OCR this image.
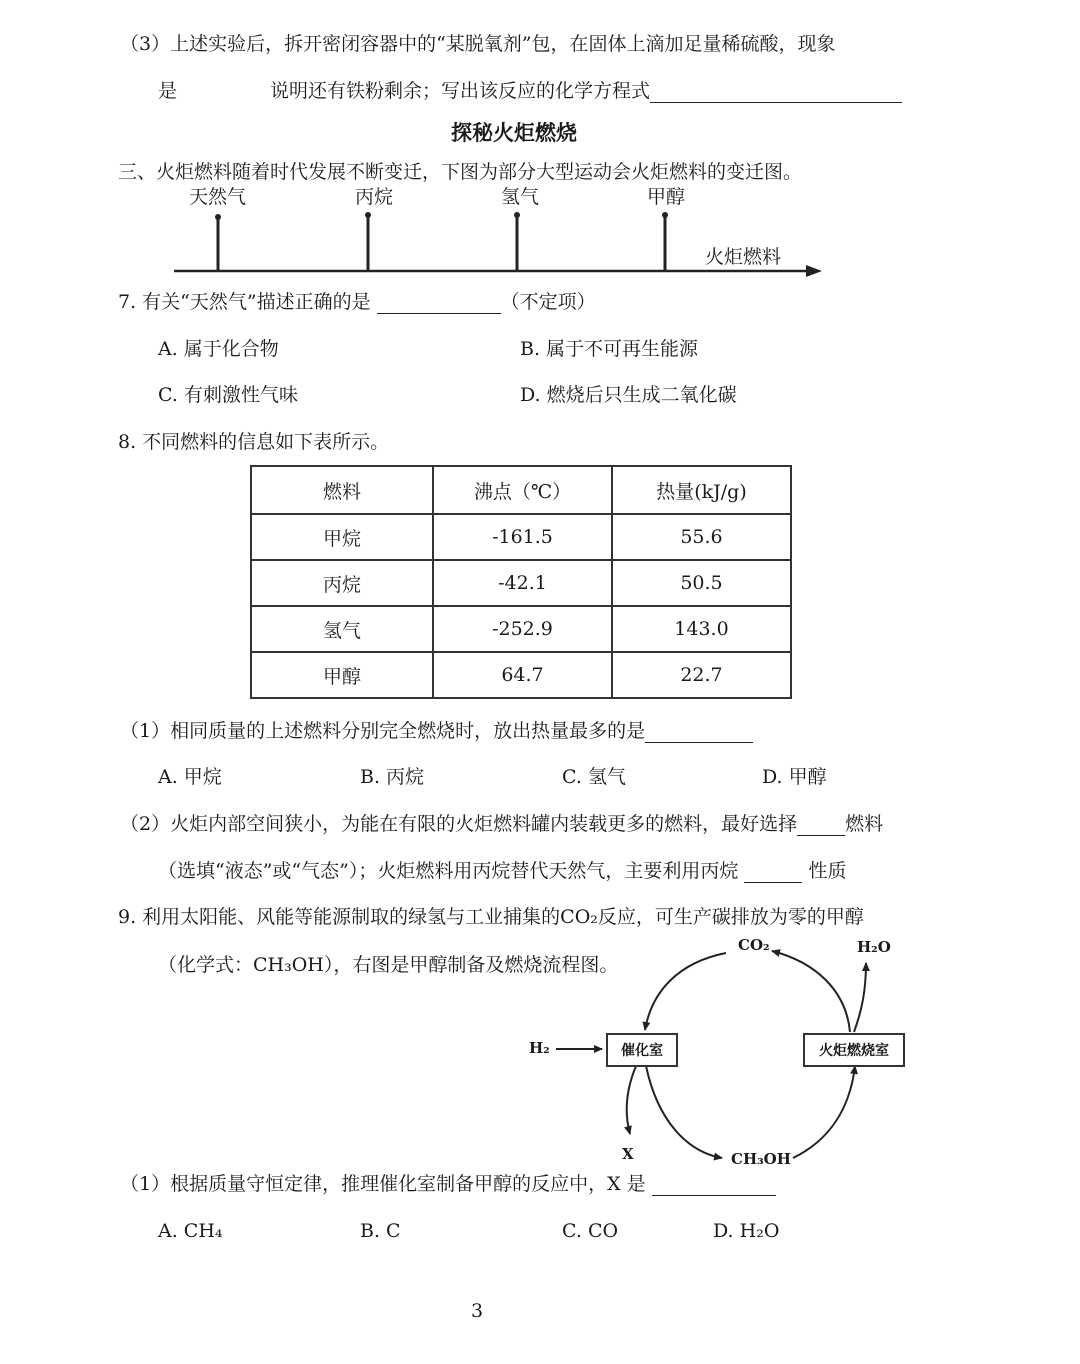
（3）上述实验后，拆开密闭容器中的“某脱氧剂”包，在固体上滴加足量稀硫酸，现象
是	说明还有铁粉剩余；写出该反应的化学方程式
探秘火炬燃烧
三、火炬燃料随着时代发展不断变迁，下图为部分大型运动会火炬燃料的变迁图。
天然气	丙烷	氢气	甲醇
火炬燃料
7. 有关“天然气”描述正确的是	（不定项）
A. 属于化合物	B. 属于不可再生能源
C. 有刺激性气味	D. 燃烧后只生成二氧化碳
8. 不同燃料的信息如下表所示。
燃料	沸点（℃）	热量(kJ/g)
甲烷	-161.5	55.6
丙烷	-42.1	50.5
氢气	-252.9	143.0
甲醇	64.7	22.7
（1）相同质量的上述燃料分别完全燃烧时，放出热量最多的是
A. 甲烷	B. 丙烷	C. 氢气	D. 甲醇
（2）火炬内部空间狭小，为能在有限的火炬燃料罐内装载更多的燃料，最好选择	燃料
（选填“液态”或“气态”）；火炬燃料用丙烷替代天然气，主要利用丙烷	性质
9. 利用太阳能、风能等能源制取的绿氢与工业捕集的CO₂反应，可生产碳排放为零的甲醇
（化学式：CH₃OH），右图是甲醇制备及燃烧流程图。
催化室	火炬燃烧室
H₂
CO₂	H₂O
X	CH₃OH
（1）根据质量守恒定律，推理催化室制备甲醇的反应中，X 是
A. CH₄	B. C	C. CO	D. H₂O
3
